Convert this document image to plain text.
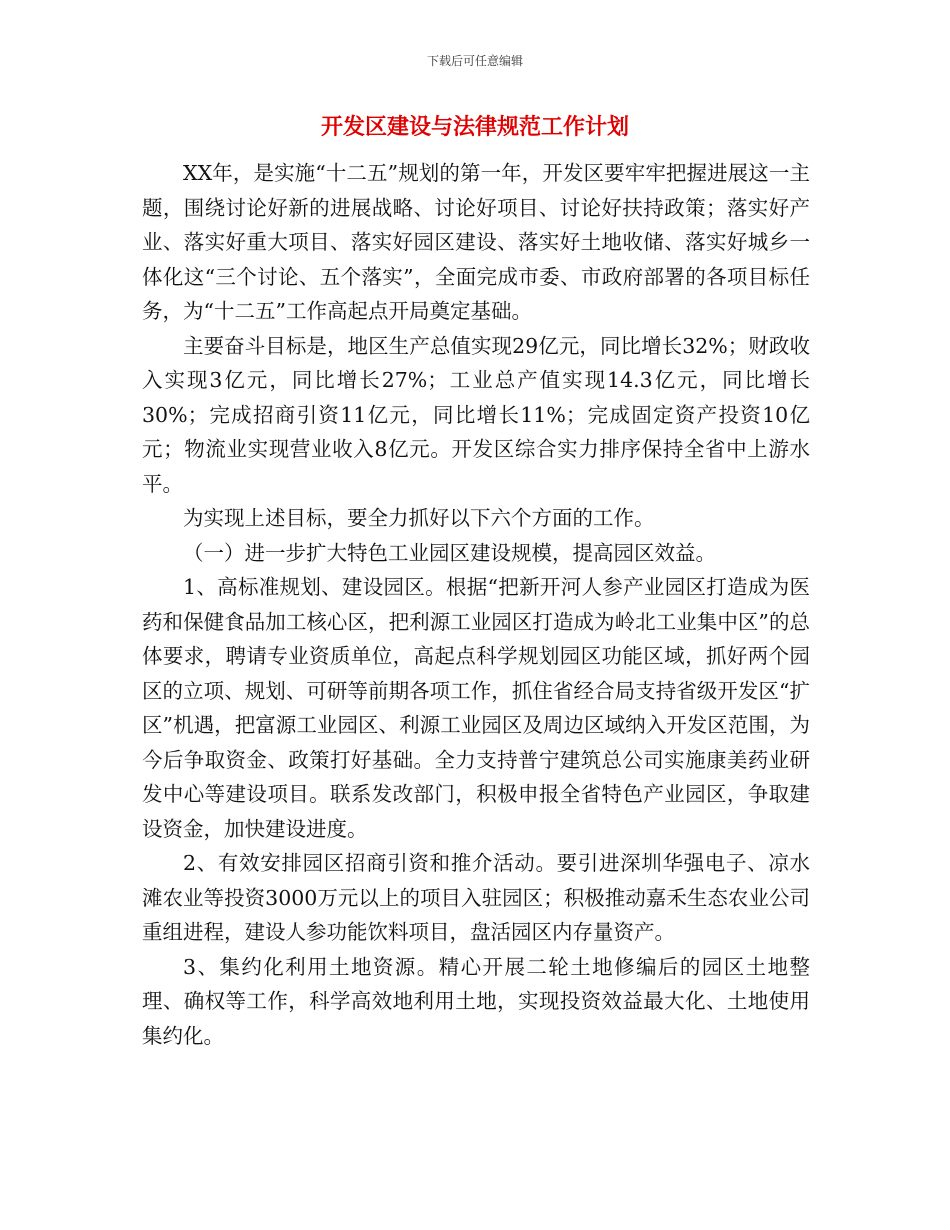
下载后可任意编辑
开发区建设与法律规范工作计划

XX年，是实施“十二五”规划的第一年，开发区要牢牢把握进展这一主题，围绕讨论好新的进展战略、讨论好项目、讨论好扶持政策；落实好产业、落实好重大项目、落实好园区建设、落实好土地收储、落实好城乡一体化这“三个讨论、五个落实”，全面完成市委、市政府部署的各项目标任务，为“十二五”工作高起点开局奠定基础。

主要奋斗目标是，地区生产总值实现29亿元，同比增长32%；财政收入实现3亿元，同比增长27%；工业总产值实现14.3亿元，同比增长30%；完成招商引资11亿元，同比增长11%；完成固定资产投资10亿元；物流业实现营业收入8亿元。开发区综合实力排序保持全省中上游水平。

为实现上述目标，要全力抓好以下六个方面的工作。

（一）进一步扩大特色工业园区建设规模，提高园区效益。

1、高标准规划、建设园区。根据“把新开河人参产业园区打造成为医药和保健食品加工核心区，把利源工业园区打造成为岭北工业集中区”的总体要求，聘请专业资质单位，高起点科学规划园区功能区域，抓好两个园区的立项、规划、可研等前期各项工作，抓住省经合局支持省级开发区“扩区”机遇，把富源工业园区、利源工业园区及周边区域纳入开发区范围，为今后争取资金、政策打好基础。全力支持普宁建筑总公司实施康美药业研发中心等建设项目。联系发改部门，积极申报全省特色产业园区，争取建设资金，加快建设进度。

2、有效安排园区招商引资和推介活动。要引进深圳华强电子、凉水滩农业等投资3000万元以上的项目入驻园区；积极推动嘉禾生态农业公司重组进程，建设人参功能饮料项目，盘活园区内存量资产。

3、集约化利用土地资源。精心开展二轮土地修编后的园区土地整理、确权等工作，科学高效地利用土地，实现投资效益最大化、土地使用集约化。
